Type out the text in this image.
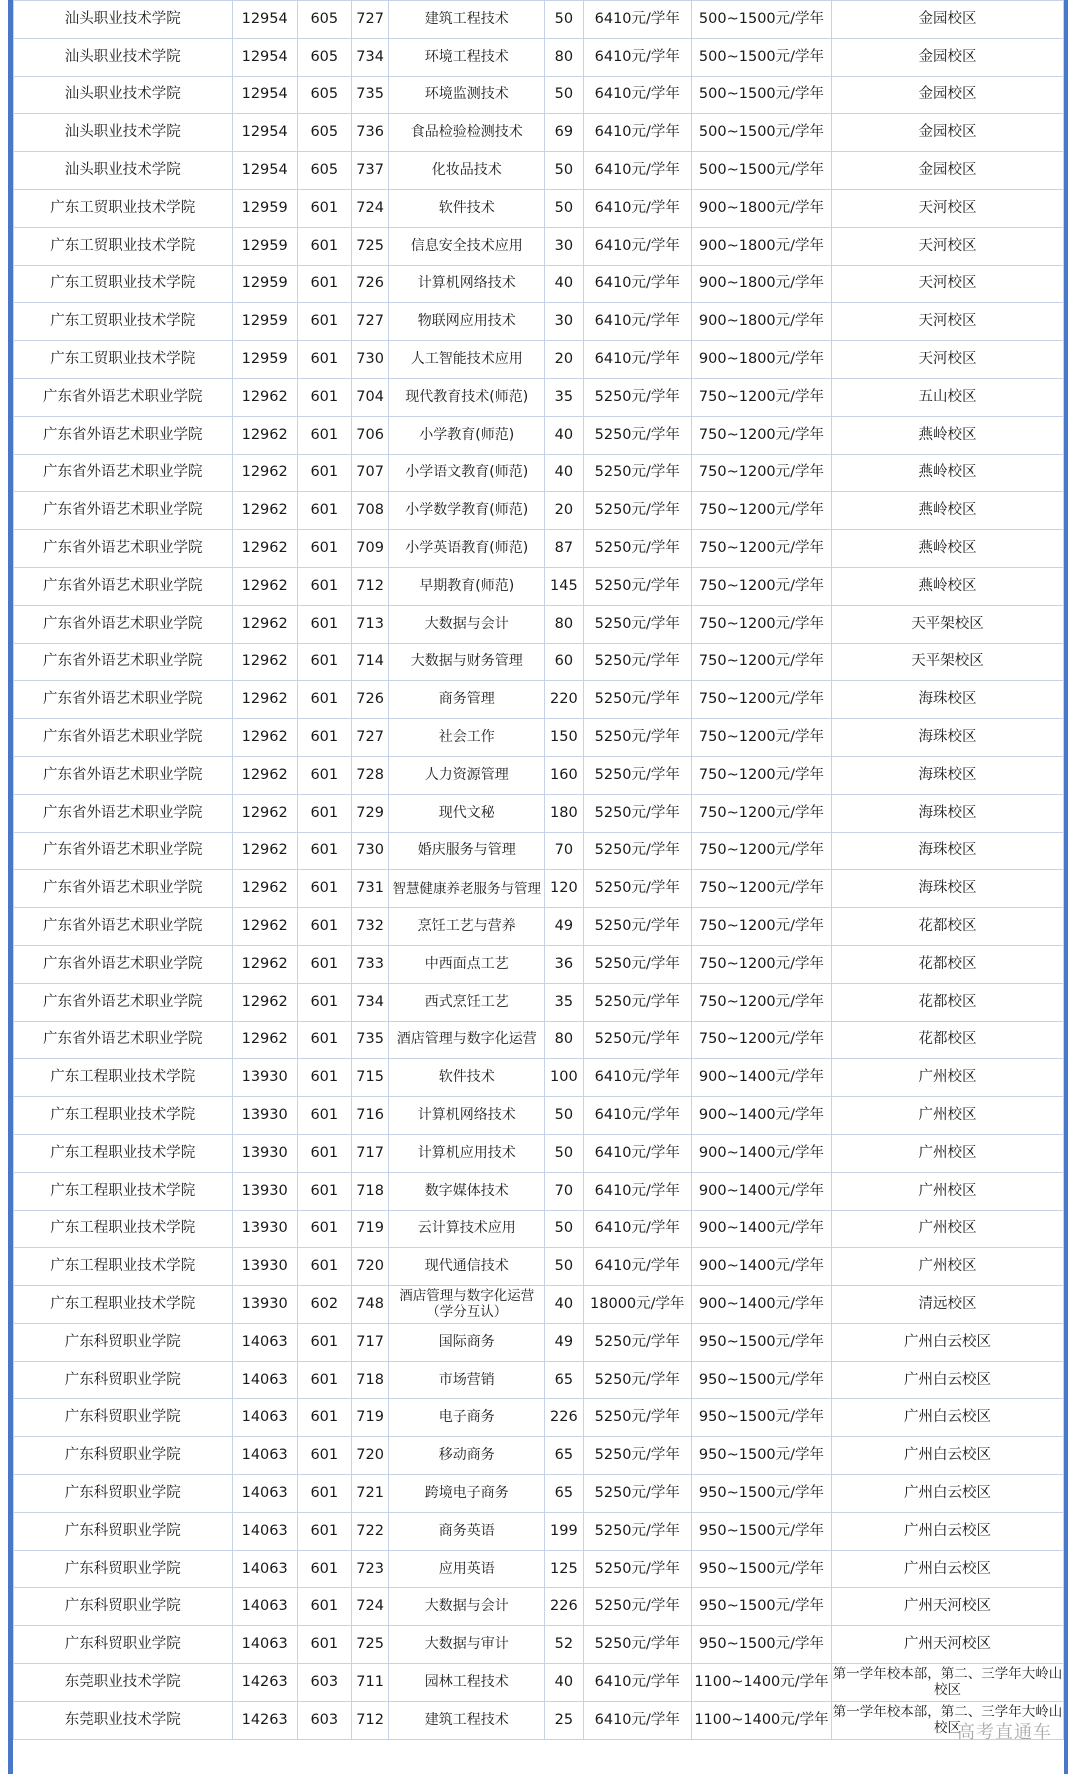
汕头职业技术学院	12954	605	727	建筑工程技术	50	6410元/学年	500~1500元/学年	金园校区
汕头职业技术学院	12954	605	734	环境工程技术	80	6410元/学年	500~1500元/学年	金园校区
汕头职业技术学院	12954	605	735	环境监测技术	50	6410元/学年	500~1500元/学年	金园校区
汕头职业技术学院	12954	605	736	食品检验检测技术	69	6410元/学年	500~1500元/学年	金园校区
汕头职业技术学院	12954	605	737	化妆品技术	50	6410元/学年	500~1500元/学年	金园校区
广东工贸职业技术学院	12959	601	724	软件技术	50	6410元/学年	900~1800元/学年	天河校区
广东工贸职业技术学院	12959	601	725	信息安全技术应用	30	6410元/学年	900~1800元/学年	天河校区
广东工贸职业技术学院	12959	601	726	计算机网络技术	40	6410元/学年	900~1800元/学年	天河校区
广东工贸职业技术学院	12959	601	727	物联网应用技术	30	6410元/学年	900~1800元/学年	天河校区
广东工贸职业技术学院	12959	601	730	人工智能技术应用	20	6410元/学年	900~1800元/学年	天河校区
广东省外语艺术职业学院	12962	601	704	现代教育技术(师范)	35	5250元/学年	750~1200元/学年	五山校区
广东省外语艺术职业学院	12962	601	706	小学教育(师范)	40	5250元/学年	750~1200元/学年	燕岭校区
广东省外语艺术职业学院	12962	601	707	小学语文教育(师范)	40	5250元/学年	750~1200元/学年	燕岭校区
广东省外语艺术职业学院	12962	601	708	小学数学教育(师范)	20	5250元/学年	750~1200元/学年	燕岭校区
广东省外语艺术职业学院	12962	601	709	小学英语教育(师范)	87	5250元/学年	750~1200元/学年	燕岭校区
广东省外语艺术职业学院	12962	601	712	早期教育(师范)	145	5250元/学年	750~1200元/学年	燕岭校区
广东省外语艺术职业学院	12962	601	713	大数据与会计	80	5250元/学年	750~1200元/学年	天平架校区
广东省外语艺术职业学院	12962	601	714	大数据与财务管理	60	5250元/学年	750~1200元/学年	天平架校区
广东省外语艺术职业学院	12962	601	726	商务管理	220	5250元/学年	750~1200元/学年	海珠校区
广东省外语艺术职业学院	12962	601	727	社会工作	150	5250元/学年	750~1200元/学年	海珠校区
广东省外语艺术职业学院	12962	601	728	人力资源管理	160	5250元/学年	750~1200元/学年	海珠校区
广东省外语艺术职业学院	12962	601	729	现代文秘	180	5250元/学年	750~1200元/学年	海珠校区
广东省外语艺术职业学院	12962	601	730	婚庆服务与管理	70	5250元/学年	750~1200元/学年	海珠校区
广东省外语艺术职业学院	12962	601	731	智慧健康养老服务与管理	120	5250元/学年	750~1200元/学年	海珠校区
广东省外语艺术职业学院	12962	601	732	烹饪工艺与营养	49	5250元/学年	750~1200元/学年	花都校区
广东省外语艺术职业学院	12962	601	733	中西面点工艺	36	5250元/学年	750~1200元/学年	花都校区
广东省外语艺术职业学院	12962	601	734	西式烹饪工艺	35	5250元/学年	750~1200元/学年	花都校区
广东省外语艺术职业学院	12962	601	735	酒店管理与数字化运营	80	5250元/学年	750~1200元/学年	花都校区
广东工程职业技术学院	13930	601	715	软件技术	100	6410元/学年	900~1400元/学年	广州校区
广东工程职业技术学院	13930	601	716	计算机网络技术	50	6410元/学年	900~1400元/学年	广州校区
广东工程职业技术学院	13930	601	717	计算机应用技术	50	6410元/学年	900~1400元/学年	广州校区
广东工程职业技术学院	13930	601	718	数字媒体技术	70	6410元/学年	900~1400元/学年	广州校区
广东工程职业技术学院	13930	601	719	云计算技术应用	50	6410元/学年	900~1400元/学年	广州校区
广东工程职业技术学院	13930	601	720	现代通信技术	50	6410元/学年	900~1400元/学年	广州校区
广东工程职业技术学院	13930	602	748	酒店管理与数字化运营（学分互认）	40	18000元/学年	900~1400元/学年	清远校区
广东科贸职业学院	14063	601	717	国际商务	49	5250元/学年	950~1500元/学年	广州白云校区
广东科贸职业学院	14063	601	718	市场营销	65	5250元/学年	950~1500元/学年	广州白云校区
广东科贸职业学院	14063	601	719	电子商务	226	5250元/学年	950~1500元/学年	广州白云校区
广东科贸职业学院	14063	601	720	移动商务	65	5250元/学年	950~1500元/学年	广州白云校区
广东科贸职业学院	14063	601	721	跨境电子商务	65	5250元/学年	950~1500元/学年	广州白云校区
广东科贸职业学院	14063	601	722	商务英语	199	5250元/学年	950~1500元/学年	广州白云校区
广东科贸职业学院	14063	601	723	应用英语	125	5250元/学年	950~1500元/学年	广州白云校区
广东科贸职业学院	14063	601	724	大数据与会计	226	5250元/学年	950~1500元/学年	广州天河校区
广东科贸职业学院	14063	601	725	大数据与审计	52	5250元/学年	950~1500元/学年	广州天河校区
东莞职业技术学院	14263	603	711	园林工程技术	40	6410元/学年	1100~1400元/学年	第一学年校本部，第二、三学年大岭山校区
东莞职业技术学院	14263	603	712	建筑工程技术	25	6410元/学年	1100~1400元/学年	第一学年校本部，第二、三学年大岭山校区
高考直通车
